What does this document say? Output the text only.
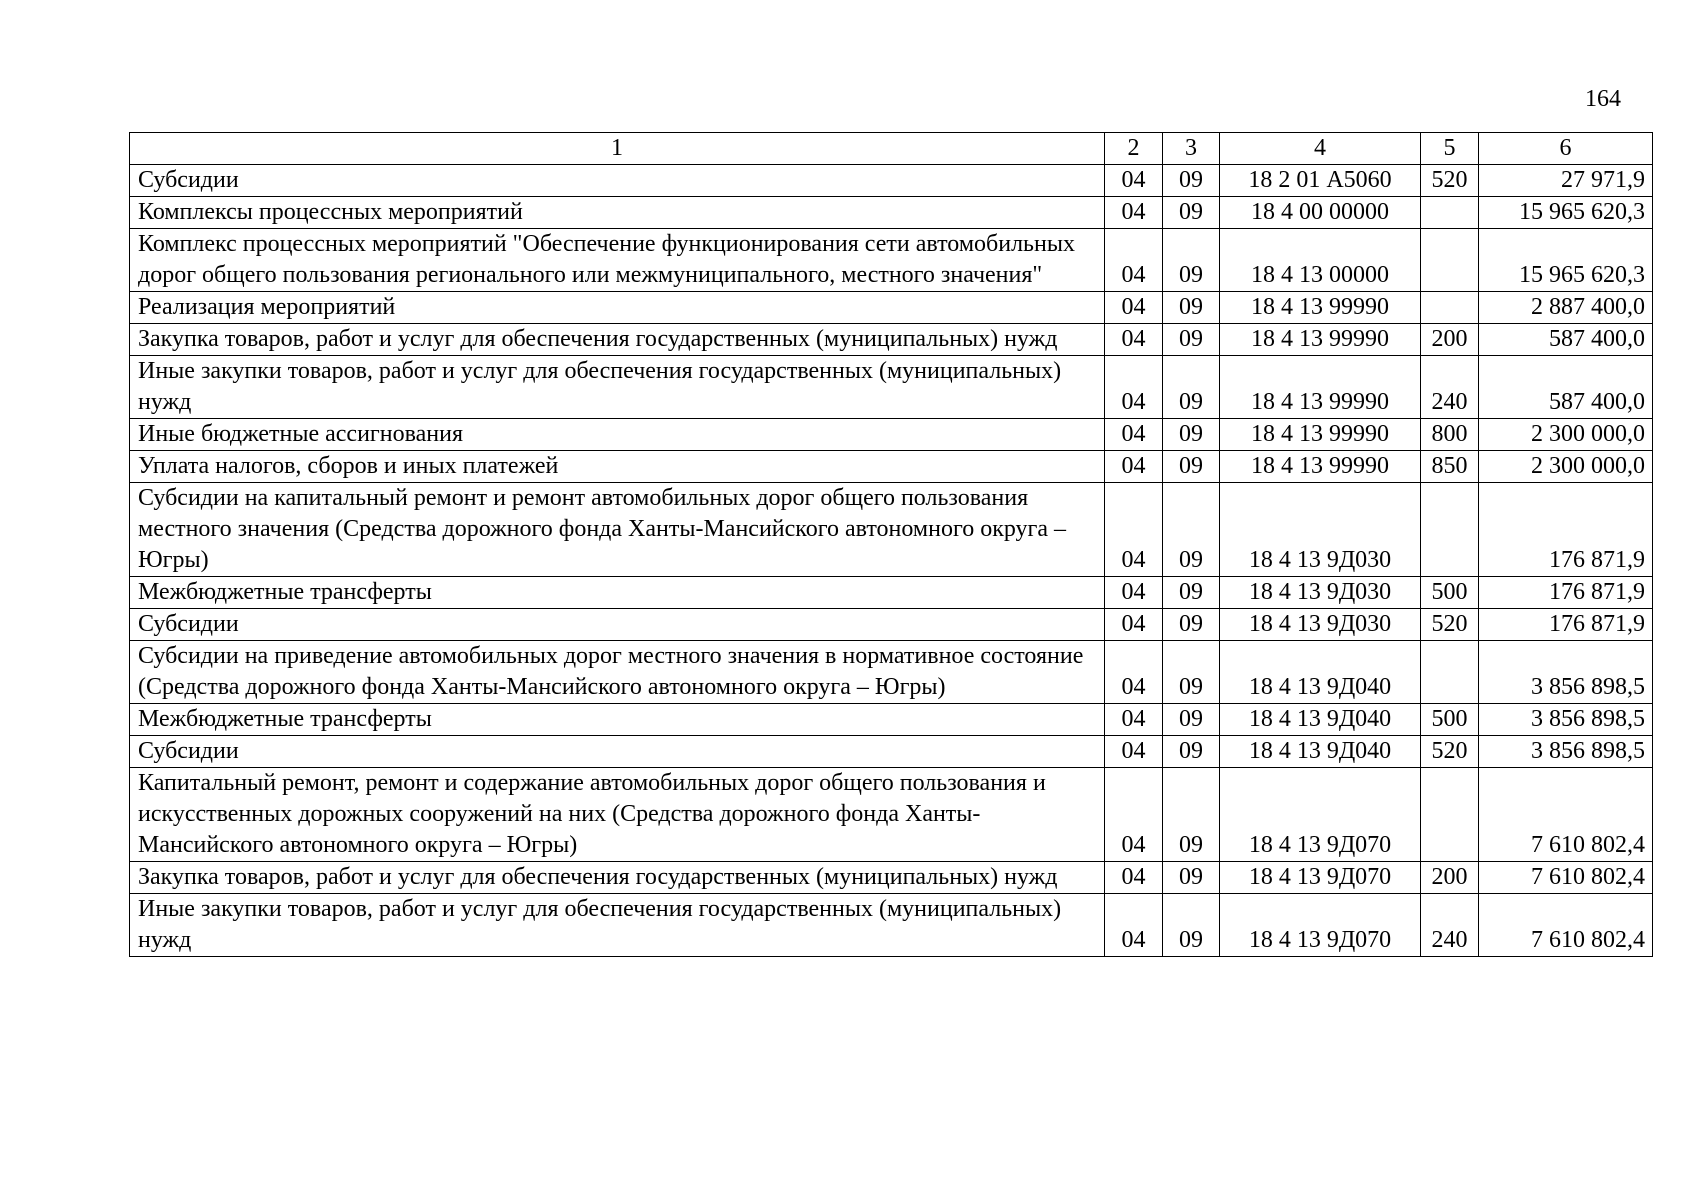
164
1	2	3	4	5	6
Субсидии	04	09	18 2 01 А5060	520	27 971,9
Комплексы процессных мероприятий	04	09	18 4 00 00000		15 965 620,3
Комплекс процессных мероприятий "Обеспечение функционирования сети автомобильных дорог общего пользования регионального или межмуниципального, местного значения"	04	09	18 4 13 00000		15 965 620,3
Реализация мероприятий	04	09	18 4 13 99990		2 887 400,0
Закупка товаров, работ и услуг для обеспечения государственных (муниципальных) нужд	04	09	18 4 13 99990	200	587 400,0
Иные закупки товаров, работ и услуг для обеспечения государственных (муниципальных) нужд	04	09	18 4 13 99990	240	587 400,0
Иные бюджетные ассигнования	04	09	18 4 13 99990	800	2 300 000,0
Уплата налогов, сборов и иных платежей	04	09	18 4 13 99990	850	2 300 000,0
Субсидии на капитальный ремонт и ремонт автомобильных дорог общего пользования местного значения (Средства дорожного фонда Ханты-Мансийского автономного округа – Югры)	04	09	18 4 13 9Д030		176 871,9
Межбюджетные трансферты	04	09	18 4 13 9Д030	500	176 871,9
Субсидии	04	09	18 4 13 9Д030	520	176 871,9
Субсидии на приведение автомобильных дорог местного значения в нормативное состояние (Средства дорожного фонда Ханты-Мансийского автономного округа – Югры)	04	09	18 4 13 9Д040		3 856 898,5
Межбюджетные трансферты	04	09	18 4 13 9Д040	500	3 856 898,5
Субсидии	04	09	18 4 13 9Д040	520	3 856 898,5
Капитальный ремонт, ремонт и содержание автомобильных дорог общего пользования и искусственных дорожных сооружений на них (Средства дорожного фонда Ханты-Мансийского автономного округа – Югры)	04	09	18 4 13 9Д070		7 610 802,4
Закупка товаров, работ и услуг для обеспечения государственных (муниципальных) нужд	04	09	18 4 13 9Д070	200	7 610 802,4
Иные закупки товаров, работ и услуг для обеспечения государственных (муниципальных) нужд	04	09	18 4 13 9Д070	240	7 610 802,4
